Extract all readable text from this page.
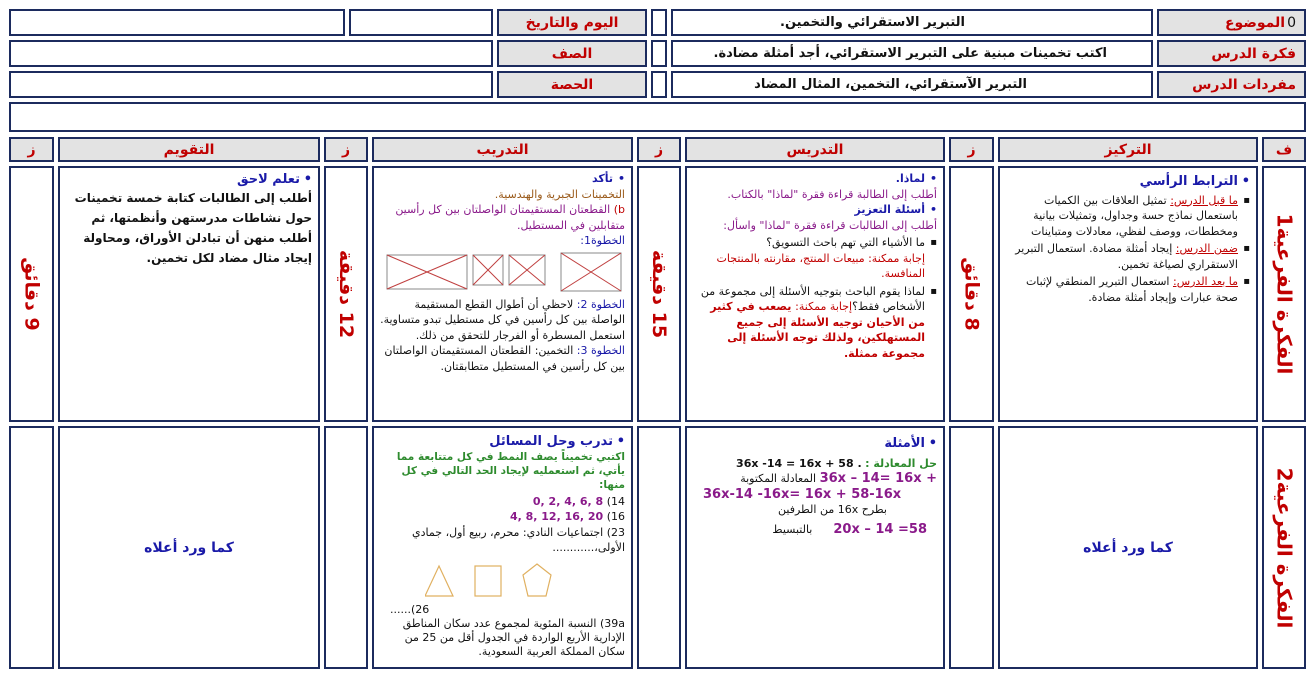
0
الموضوع
التبرير الاستقرائي والتخمين.
اليوم والتاريخ
فكرة الدرس
اكتب تخمينات مبنية على التبرير الاستقرائي، أجد أمثلة مضادة.
الصف
مفردات الدرس
التبرير الآستقرائي، التخمين، المثال المضاد
الحصة
ف
التركيز
ز
التدريس
ز
التدريب
ز
التقويم
ز
الفكرة الفرعية1
• الترابط الرأسي
▪ ما قبل الدرس: تمثيل العلاقات بين الكميات باستعمال نماذج حسة وجداول، وتمثيلات بيانية ومخططات، ووصف لفظي، معادلات ومتباينات
▪ ضمن الدرس: إيجاد أمثلة مضادة. استعمال التبرير الاستقراري لصياغة تخمين.
▪ ما بعد الدرس: استعمال التبرير المنطقي لإثبات صحة عبارات وإيجاد أمثلة مضادة.
8 دقائق
• لماذا.
أطلب إلى الطالبة قراءة فقرة "لماذا" بالكتاب.
• أسئلة التعزيز
أطلب إلى الطالبات قراءة فقرة "لماذا" واسأل:
▪ ما الأشياء التي تهم باحث التسويق؟
إجابة ممكنة: مبيعات المنتج، مقارنته بالمنتجات المنافسة.
▪ لماذا يقوم الباحث بتوجيه الأسئلة إلى مجموعة من الأشخاص فقط؟إجابة ممكنة: يصعب في كثير من الأحيان توجيه الأسئلة إلى جميع المستهلكين، ولذلك توجه الأسئلة إلى مجموعة ممثلة.
15 دقيقة
• تأكد
التخمينات الجبرية والهندسية.
b) القطعتان المستقيمتان الواصلتان بين كل رأسين متقابلين في المستطيل.
الخطوة1:
الخطوة 2: لاحظي أن أطوال القطع المستقيمة الواصلة بين كل رأسين في كل مستطيل تبدو متساوية. استعمل المسطرة أو الفرجار للتحقق من ذلك.
الخطوة 3: التخمين: القطعتان المستقيمتان الواصلتان بين كل رأسين في المستطيل متطابقتان.
12 دقيقة
• تعلم لاحق
أطلب إلى الطالبات كتابة خمسة تخمينات حول نشاطات مدرستهن وأنظمتها، ثم أطلب منهن أن تبادلن الأوراق، ومحاولة إيجاد مثال مضاد لكل تخمين.
9 دقائق
الفكرة الفرعية2
كما ورد أعلاه
• الأمثلة
حل المعادلة : 36x -14 = 16x + 58 .
36x – 14= 16x + المعادلة المكتوبة
36x-14 -16x= 16x + 58-16x
بطرح 16x من الطرفين
20x – 14 =58      بالتبسيط
• تدرب وحل المسائل
اكتبي تخميناً يصف النمط في كل متتابعة مما يأتي، ثم استعمليه لإيجاد الحد التالي في كل منها:
14) 0, 2, 4, 6, 8
16) 4, 8, 12, 16, 20
23) اجتماعيات النادي: محرم، ربيع أول، جمادي الأولى،............
26)......
39a) النسبة المئوية لمجموع عدد سكان المناطق الإدارية الأربع الواردة في الجدول أقل من 25 من سكان المملكة العربية السعودية.
كما ورد أعلاه
